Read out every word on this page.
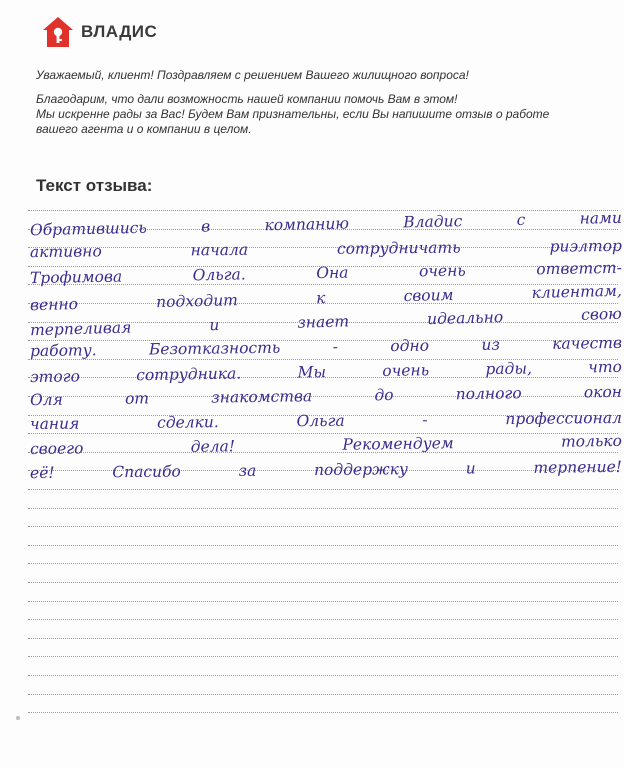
ВЛАДИС

Уважаемый, клиент! Поздравляем с решением Вашего жилищного вопроса!

Благодарим, что дали возможность нашей компании помочь Вам в этом!

Мы искренне рады за Вас! Будем Вам признательны, если Вы напишите отзыв о работе

вашего агента и о компании в целом.

Текст отзыва:
Обратившись	в	компанию	Владис	с	нами
активно	начала	сотрудничать	риэлтор
Трофимова	Ольга.	Она	очень	ответст-
венно	подходит	к	своим	клиентам,
терпеливая	и	знает	идеально	свою
работу.	Безотказность	-	одно	из	качеств
этого	сотрудника.	Мы	очень	рады,	что
Оля	от	знакомства	до	полного	окон
чания	сделки.	Ольга	-	профессионал
своего	дела!	Рекомендуем	только
её!	Спасибо	за	поддержку	и	терпение!
